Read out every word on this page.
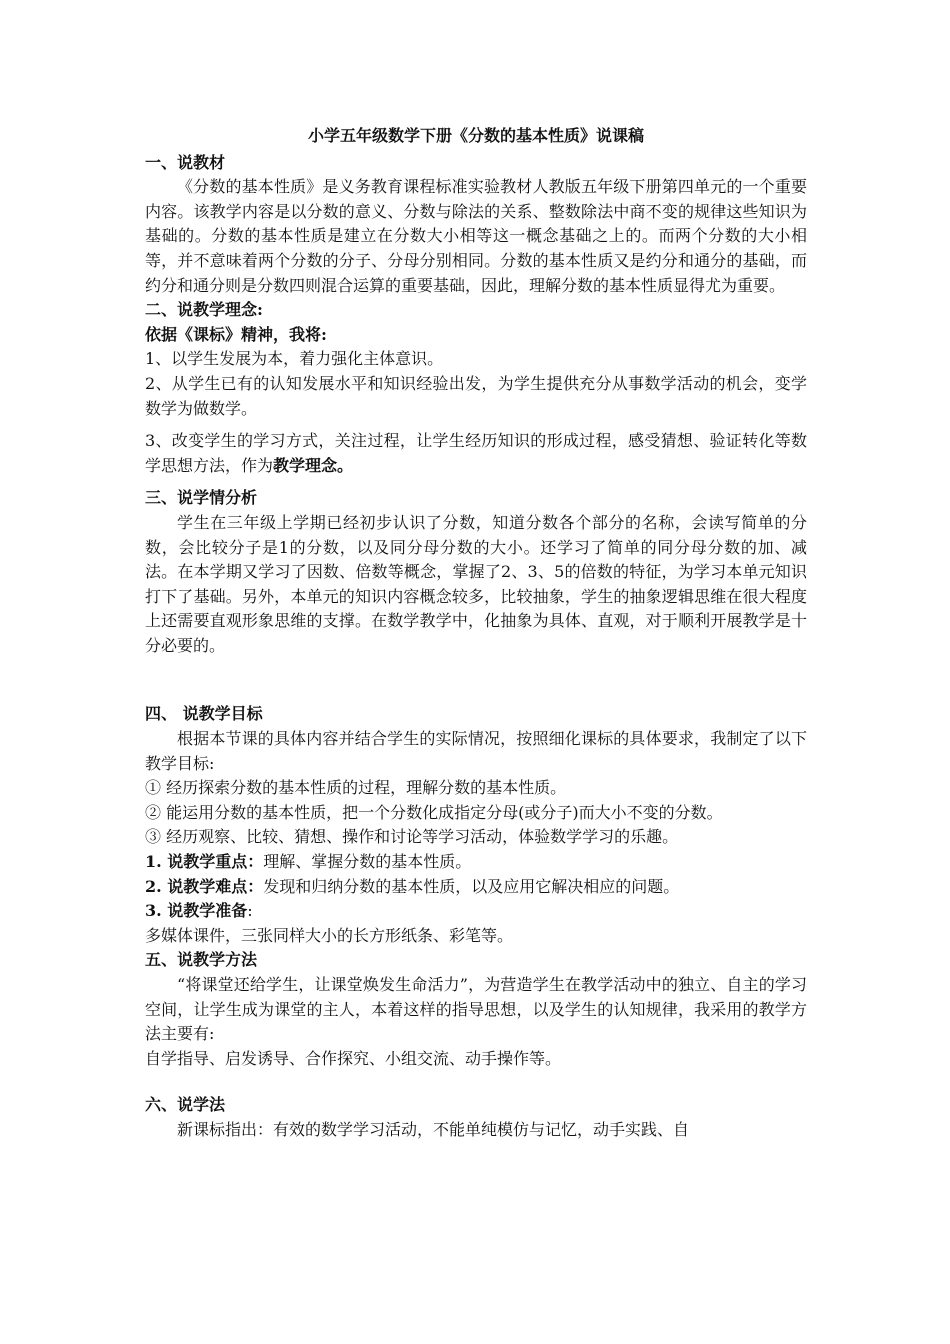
小学五年级数学下册《分数的基本性质》说课稿

一、说教材

《分数的基本性质》是义务教育课程标准实验教材人教版五年级下册第四单元的一个重要内容。该教学内容是以分数的意义、分数与除法的关系、整数除法中商不变的规律这些知识为基础的。分数的基本性质是建立在分数大小相等这一概念基础之上的。而两个分数的大小相等，并不意味着两个分数的分子、分母分别相同。分数的基本性质又是约分和通分的基础，而约分和通分则是分数四则混合运算的重要基础，因此，理解分数的基本性质显得尤为重要。

二、说教学理念:

依据《课标》精神，我将:

1、以学生发展为本，着力强化主体意识。

2、从学生已有的认知发展水平和知识经验出发，为学生提供充分从事数学活动的机会，变学数学为做数学。

3、改变学生的学习方式，关注过程，让学生经历知识的形成过程，感受猜想、验证转化等数学思想方法，作为教学理念。

三、说学情分析

学生在三年级上学期已经初步认识了分数，知道分数各个部分的名称，会读写简单的分数，会比较分子是1的分数，以及同分母分数的大小。还学习了简单的同分母分数的加、减法。在本学期又学习了因数、倍数等概念，掌握了2、3、5的倍数的特征，为学习本单元知识打下了基础。另外，本单元的知识内容概念较多，比较抽象，学生的抽象逻辑思维在很大程度上还需要直观形象思维的支撑。在数学教学中，化抽象为具体、直观，对于顺利开展教学是十分必要的。

四、 说教学目标

根据本节课的具体内容并结合学生的实际情况，按照细化课标的具体要求，我制定了以下教学目标:

① 经历探索分数的基本性质的过程，理解分数的基本性质。

② 能运用分数的基本性质，把一个分数化成指定分母(或分子)而大小不变的分数。

③ 经历观察、比较、猜想、操作和讨论等学习活动，体验数学学习的乐趣。

1. 说教学重点：理解、掌握分数的基本性质。

2. 说教学难点：发现和归纳分数的基本性质，以及应用它解决相应的问题。

3. 说教学准备:

多媒体课件，三张同样大小的长方形纸条、彩笔等。

五、说教学方法

“将课堂还给学生，让课堂焕发生命活力”，为营造学生在教学活动中的独立、自主的学习空间，让学生成为课堂的主人，本着这样的指导思想，以及学生的认知规律，我采用的教学方法主要有:

自学指导、启发诱导、合作探究、小组交流、动手操作等。

六、说学法

新课标指出：有效的数学学习活动，不能单纯模仿与记忆，动手实践、自
